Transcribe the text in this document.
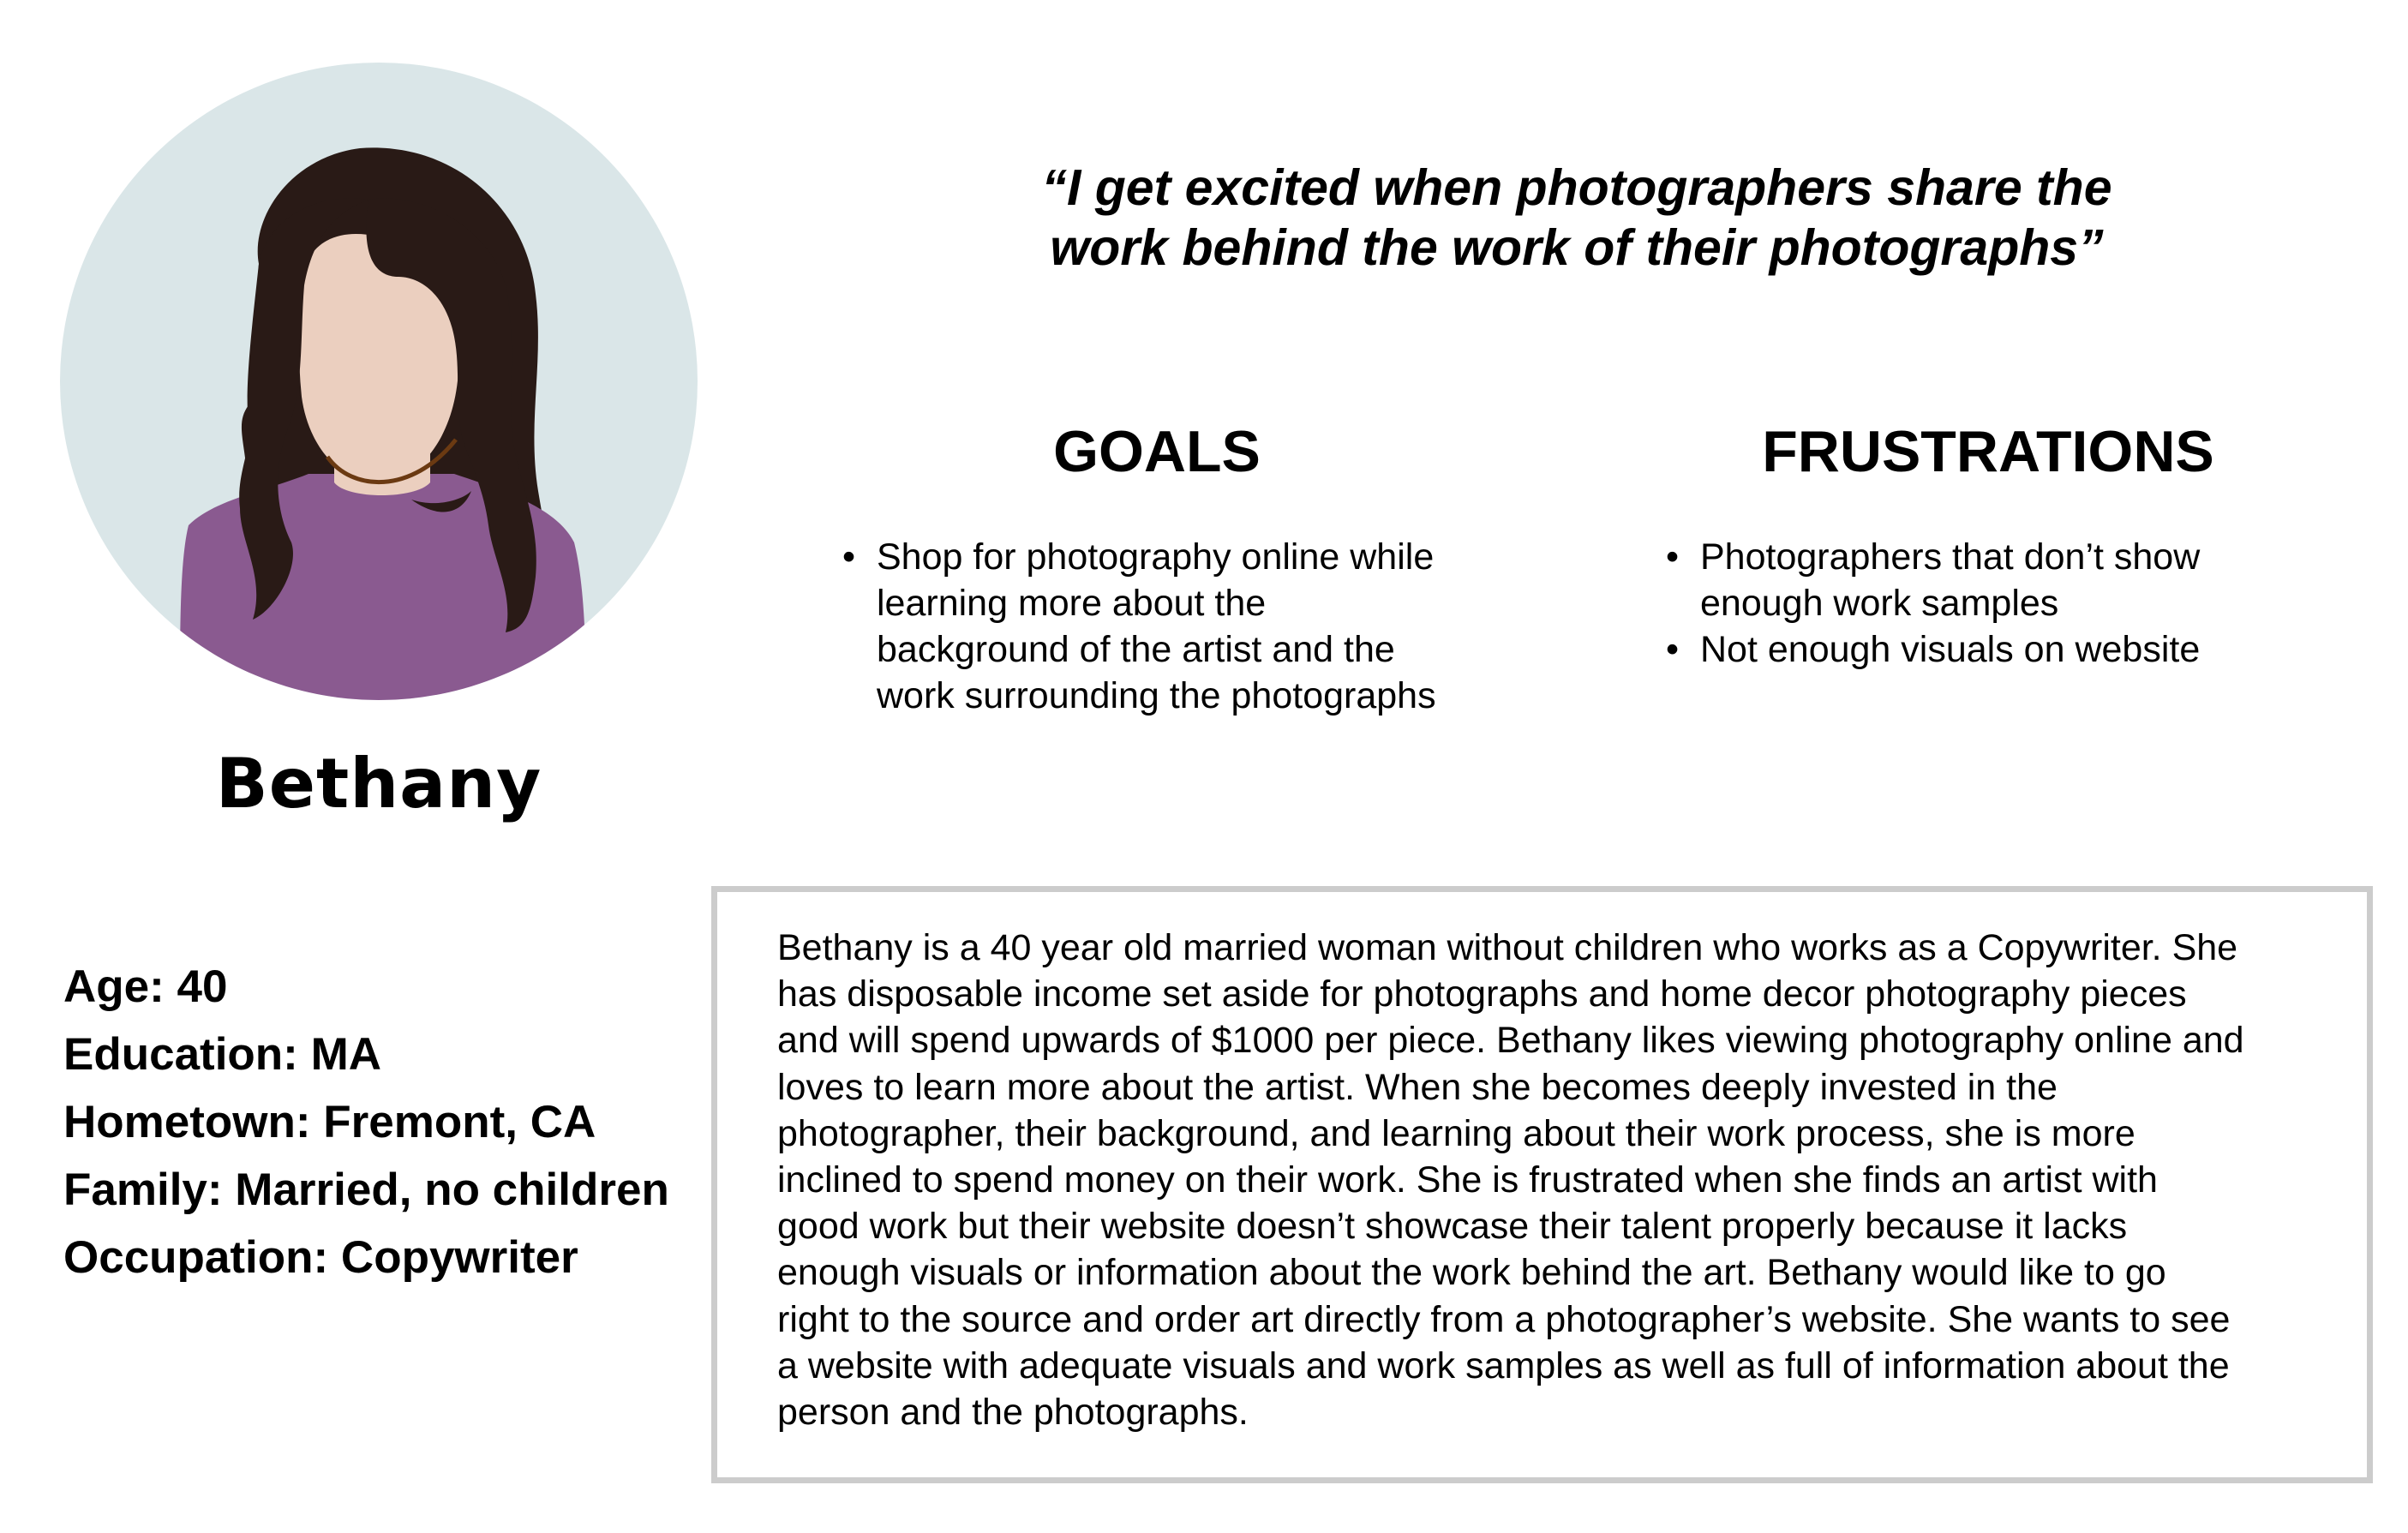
Bethany
Age: 40
Education: MA
Hometown: Fremont, CA
Family: Married, no children
Occupation: Copywriter

“I get excited when photographers share the
work behind the work of their photographs”

GOALS
• Shop for photography online while learning more about the background of the artist and the work surrounding the photographs
FRUSTRATIONS
• Photographers that don’t show enough work samples
• Not enough visuals on website

Bethany is a 40 year old married woman without children who works as a Copywriter. She
has disposable income set aside for photographs and home decor photography pieces
and will spend upwards of $1000 per piece. Bethany likes viewing photography online and
loves to learn more about the artist. When she becomes deeply invested in the
photographer, their background, and learning about their work process, she is more
inclined to spend money on their work. She is frustrated when she finds an artist with
good work but their website doesn’t showcase their talent properly because it lacks
enough visuals or information about the work behind the art. Bethany would like to go
right to the source and order art directly from a photographer’s website. She wants to see
a website with adequate visuals and work samples as well as full of information about the
person and the photographs.
